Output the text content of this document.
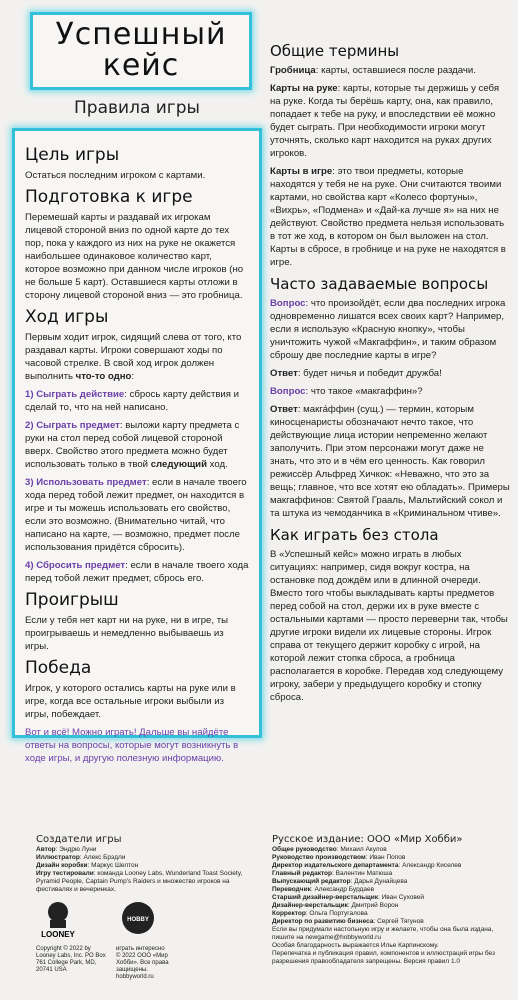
Успешный
кейс
Правила игры
Цель игры

Остаться последним игроком с картами.

Подготовка к игре

Перемешай карты и раздавай их игрокам лицевой стороной вниз по одной карте до тех пор, пока у каждого из них на руке не окажется наибольшее одинаковое количество карт, которое возможно при данном числе игроков (но не больше 5 карт). Оставшиеся карты отложи в сторону лицевой стороной вниз — это гробница.

Ход игры

Первым ходит игрок, сидящий слева от того, кто раздавал карты. Игроки совершают ходы по часовой стрелке. В свой ход игрок должен выполнить что-то одно:

1) Сыграть действие: сбрось карту действия и сделай то, что на ней написано.

2) Сыграть предмет: выложи карту предмета с руки на стол перед собой лицевой стороной вверх. Свойство этого предмета можно будет использовать только в твой следующий ход.

3) Использовать предмет: если в начале твоего хода перед тобой лежит предмет, он находится в игре и ты можешь использовать его свойство, если это возможно. (Внимательно читай, что написано на карте, — возможно, предмет после использования придётся сбросить).

4) Сбросить предмет: если в начале твоего хода перед тобой лежит предмет, сбрось его.

Проигрыш

Если у тебя нет карт ни на руке, ни в игре, ты проигрываешь и немедленно выбываешь из игры.

Победа

Игрок, у которого остались карты на руке или в игре, когда все остальные игроки выбыли из игры, побеждает.

Вот и всё! Можно играть! Дальше вы найдёте ответы на вопросы, которые могут возникнуть в ходе игры, и другую полезную информацию.

Общие термины

Гробница: карты, оставшиеся после раздачи.

Карты на руке: карты, которые ты держишь у себя на руке. Когда ты берёшь карту, она, как правило, попадает к тебе на руку, и впоследствии её можно будет сыграть. При необходимости игроки могут уточнять, сколько карт находится на руках других игроков.

Карты в игре: это твои предметы, которые находятся у тебя не на руке. Они считаются твоими картами, но свойства карт «Колесо фортуны», «Вихрь», «Подмена» и «Дай-ка лучше я» на них не действуют. Свойство предмета нельзя использовать в тот же ход, в котором он был выложен на стол. Карты в сбросе, в гробнице и на руке не находятся в игре.

Часто задаваемые вопросы

Вопрос: что произойдёт, если два последних игрока одновременно лишатся всех своих карт? Например, если я использую «Красную кнопку», чтобы уничтожить чужой «Макгаффин», и таким образом сброшу две последние карты в игре?

Ответ: будет ничья и победит дружба!

Вопрос: что такое «макгаффин»?

Ответ: макга́ффин (сущ.) — термин, которым киносценаристы обозначают нечто такое, что действующие лица истории непременно желают заполучить. При этом персонажи могут даже не знать, что это и в чём его ценность. Как говорил режиссёр Альфред Хичкок: «Неважно, что это за вещь; главное, что все хотят ею обладать». Примеры макгаффинов: Святой Грааль, Мальтийский сокол и та штука из чемоданчика в «Криминальном чтиве».

Как играть без стола

В «Успешный кейс» можно играть в любых ситуациях: например, сидя вокруг костра, на остановке под дождём или в длинной очереди. Вместо того чтобы выкладывать карты предметов перед собой на стол, держи их в руке вместе с остальными картами — просто переверни так, чтобы другие игроки видели их лицевые стороны. Игрок справа от текущего держит коробку с игрой, на которой лежит стопка сброса, а гробница располагается в коробке. Передав ход следующему игроку, забери у предыдущего коробку и стопку сброса.

Создатели игры
Автор: Эндрю Луни
Иллюстратор: Алекс Брэдли
Дизайн коробки: Маркус Шелтон
Игру тестировали: команда Looney Labs, Wunderland Toast Society, Pyramid People, Captain Pump's Raiders и множество игроков на фестивалях и вечеринках.
LOONEY
Copyright © 2022 by Looney Labs, Inc. PO Box 761 College Park, MD, 20741 USA
HOBBY
играть интересно
© 2022 ООО «Мир Хобби». Все права защищены. hobbyworld.ru
Русское издание: ООО «Мир Хобби»
Общее руководство: Михаил Акулов
Руководство производством: Иван Попов
Директор издательского департамента: Александр Киселев
Главный редактор: Валентин Матюша
Выпускающий редактор: Дарья Дунайцева
Переводчик: Александр Бурдаев
Старший дизайнер-верстальщик: Иван Суховей
Дизайнер-верстальщик: Дмитрий Ворон
Корректор: Ольга Португалова
Директор по развитию бизнеса: Сергей Тягунов
Если вы придумали настольную игру и желаете, чтобы она была издана, пишите на newgame@hobbyworld.ru
Особая благодарность выражается Илье Карпинскому.
Перепечатка и публикация правил, компонентов и иллюстраций игры без разрешения правообладателя запрещены. Версия правил 1.0
